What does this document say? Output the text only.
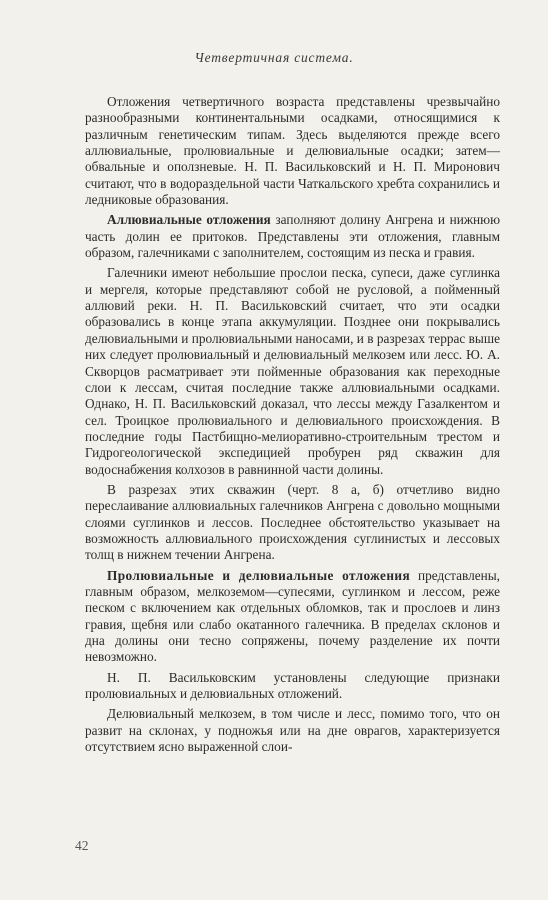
Четвертичная система.

Отложения четвертичного возраста представлены чрезвычайно разнообразными континентальными осадками, относящимися к различным генетическим типам. Здесь выделяются прежде всего аллювиальные, пролювиальные и делювиальные осадки; затем—обвальные и оползневые. Н. П. Васильковский и Н. П. Миронович считают, что в водораздельной части Чаткальского хребта сохранились и ледниковые образования.

Аллювиальные отложения заполняют долину Ангрена и нижнюю часть долин ее притоков. Представлены эти отложения, главным образом, галечниками с заполнителем, состоящим из песка и гравия.

Галечники имеют небольшие прослои песка, супеси, даже суглинка и мергеля, которые представляют собой не русловой, а пойменный аллювий реки. Н. П. Васильковский считает, что эти осадки образовались в конце этапа аккумуляции. Позднее они покрывались делювиальными и пролювиальными наносами, и в разрезах террас выше них следует пролювиальный и делювиальный мелкозем или лесс. Ю. А. Скворцов расматривает эти пойменные образования как переходные слои к лессам, считая последние также аллювиальными осадками. Однако, Н. П. Васильковский доказал, что лессы между Газалкентом и сел. Троицкое пролювиального и делювиального происхождения. В последние годы Пастбищно-мелиоративно-строительным трестом и Гидрогеологической экспедицией пробурен ряд скважин для водоснабжения колхозов в равнинной части долины.

В разрезах этих скважин (черт. 8 а, б) отчетливо видно переслаивание аллювиальных галечников Ангрена с довольно мощными слоями суглинков и лессов. Последнее обстоятельство указывает на возможность аллювиального происхождения суглинистых и лессовых толщ в нижнем течении Ангрена.

Пролювиальные и делювиальные отложения представлены, главным образом, мелкоземом—супесями, суглинком и лессом, реже песком с включением как отдельных обломков, так и прослоев и линз гравия, щебня или слабо окатанного галечника. В пределах склонов и дна долины они тесно сопряжены, почему разделение их почти невозможно.

Н. П. Васильковским установлены следующие признаки пролювиальных и делювиальных отложений.

Делювиальный мелкозем, в том числе и лесс, помимо того, что он развит на склонах, у подножья или на дне оврагов, характеризуется отсутствием ясно выраженной слои-

42
